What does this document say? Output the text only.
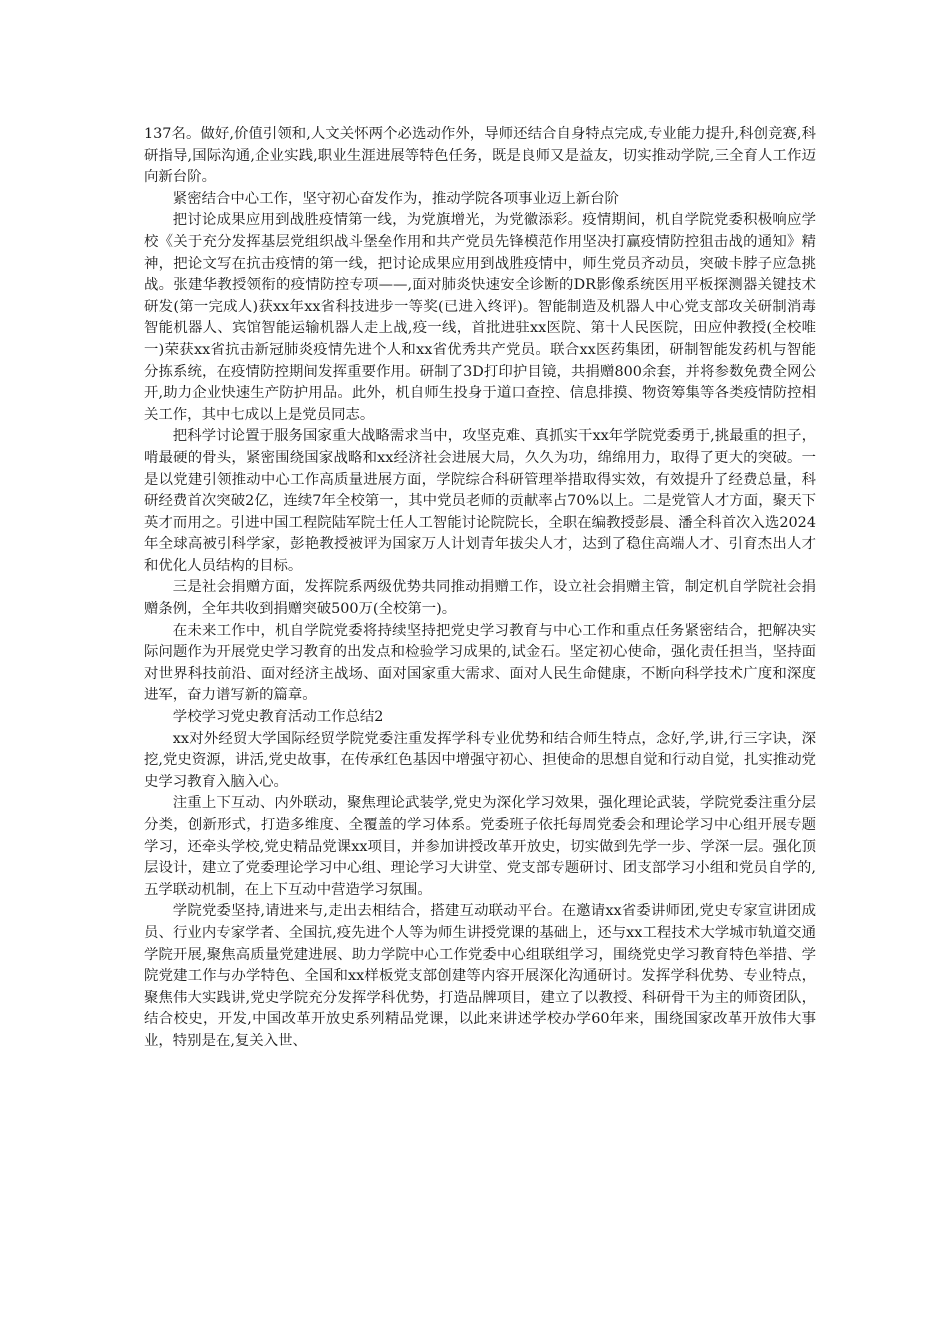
137名。做好,价值引领和,人文关怀两个必选动作外，导师还结合自身特点完成,专业能力提升,科创竞赛,科研指导,国际沟通,企业实践,职业生涯进展等特色任务，既是良师又是益友，切实推动学院,三全育人工作迈向新台阶。

紧密结合中心工作，坚守初心奋发作为，推动学院各项事业迈上新台阶

把讨论成果应用到战胜疫情第一线，为党旗增光，为党徽添彩。疫情期间，机自学院党委积极响应学校《关于充分发挥基层党组织战斗堡垒作用和共产党员先锋模范作用坚决打赢疫情防控狙击战的通知》精神，把论文写在抗击疫情的第一线，把讨论成果应用到战胜疫情中，师生党员齐动员，突破卡脖子应急挑战。张建华教授领衔的疫情防控专项——,面对肺炎快速安全诊断的DR影像系统医用平板探测器关键技术研发(第一完成人)获xx年xx省科技进步一等奖(已进入终评)。智能制造及机器人中心党支部攻关研制消毒智能机器人、宾馆智能运输机器人走上战,疫一线，首批进驻xx医院、第十人民医院，田应仲教授(全校唯一)荣获xx省抗击新冠肺炎疫情先进个人和xx省优秀共产党员。联合xx医药集团，研制智能发药机与智能分拣系统，在疫情防控期间发挥重要作用。研制了3D打印护目镜，共捐赠800余套，并将参数免费全网公开,助力企业快速生产防护用品。此外，机自师生投身于道口查控、信息排摸、物资筹集等各类疫情防控相关工作，其中七成以上是党员同志。

把科学讨论置于服务国家重大战略需求当中，攻坚克难、真抓实干xx年学院党委勇于,挑最重的担子，啃最硬的骨头，紧密围绕国家战略和xx经济社会进展大局，久久为功，绵绵用力，取得了更大的突破。一是以党建引领推动中心工作高质量进展方面，学院综合科研管理举措取得实效，有效提升了经费总量，科研经费首次突破2亿，连续7年全校第一，其中党员老师的贡献率占70%以上。二是党管人才方面，聚天下英才而用之。引进中国工程院陆军院士任人工智能讨论院院长，全职在编教授彭晨、潘全科首次入选2024年全球高被引科学家，彭艳教授被评为国家万人计划青年拔尖人才，达到了稳住高端人才、引育杰出人才和优化人员结构的目标。

三是社会捐赠方面，发挥院系两级优势共同推动捐赠工作，设立社会捐赠主管，制定机自学院社会捐赠条例，全年共收到捐赠突破500万(全校第一)。

在未来工作中，机自学院党委将持续坚持把党史学习教育与中心工作和重点任务紧密结合，把解决实际问题作为开展党史学习教育的出发点和检验学习成果的,试金石。坚定初心使命，强化责任担当，坚持面对世界科技前沿、面对经济主战场、面对国家重大需求、面对人民生命健康，不断向科学技术广度和深度进军，奋力谱写新的篇章。

学校学习党史教育活动工作总结2

xx对外经贸大学国际经贸学院党委注重发挥学科专业优势和结合师生特点，念好,学,讲,行三字诀，深挖,党史资源，讲活,党史故事，在传承红色基因中增强守初心、担使命的思想自觉和行动自觉，扎实推动党史学习教育入脑入心。

注重上下互动、内外联动，聚焦理论武装学,党史为深化学习效果，强化理论武装，学院党委注重分层分类，创新形式，打造多维度、全覆盖的学习体系。党委班子依托每周党委会和理论学习中心组开展专题学习，还牵头学校,党史精品党课xx项目，并参加讲授改革开放史，切实做到先学一步、学深一层。强化顶层设计，建立了党委理论学习中心组、理论学习大讲堂、党支部专题研讨、团支部学习小组和党员自学的,五学联动机制，在上下互动中营造学习氛围。

学院党委坚持,请进来与,走出去相结合，搭建互动联动平台。在邀请xx省委讲师团,党史专家宣讲团成员、行业内专家学者、全国抗,疫先进个人等为师生讲授党课的基础上，还与xx工程技术大学城市轨道交通学院开展,聚焦高质量党建进展、助力学院中心工作党委中心组联组学习，围绕党史学习教育特色举措、学院党建工作与办学特色、全国和xx样板党支部创建等内容开展深化沟通研讨。发挥学科优势、专业特点，聚焦伟大实践讲,党史学院充分发挥学科优势，打造品牌项目，建立了以教授、科研骨干为主的师资团队，结合校史，开发,中国改革开放史系列精品党课，以此来讲述学校办学60年来，围绕国家改革开放伟大事业，特别是在,复关入世、
